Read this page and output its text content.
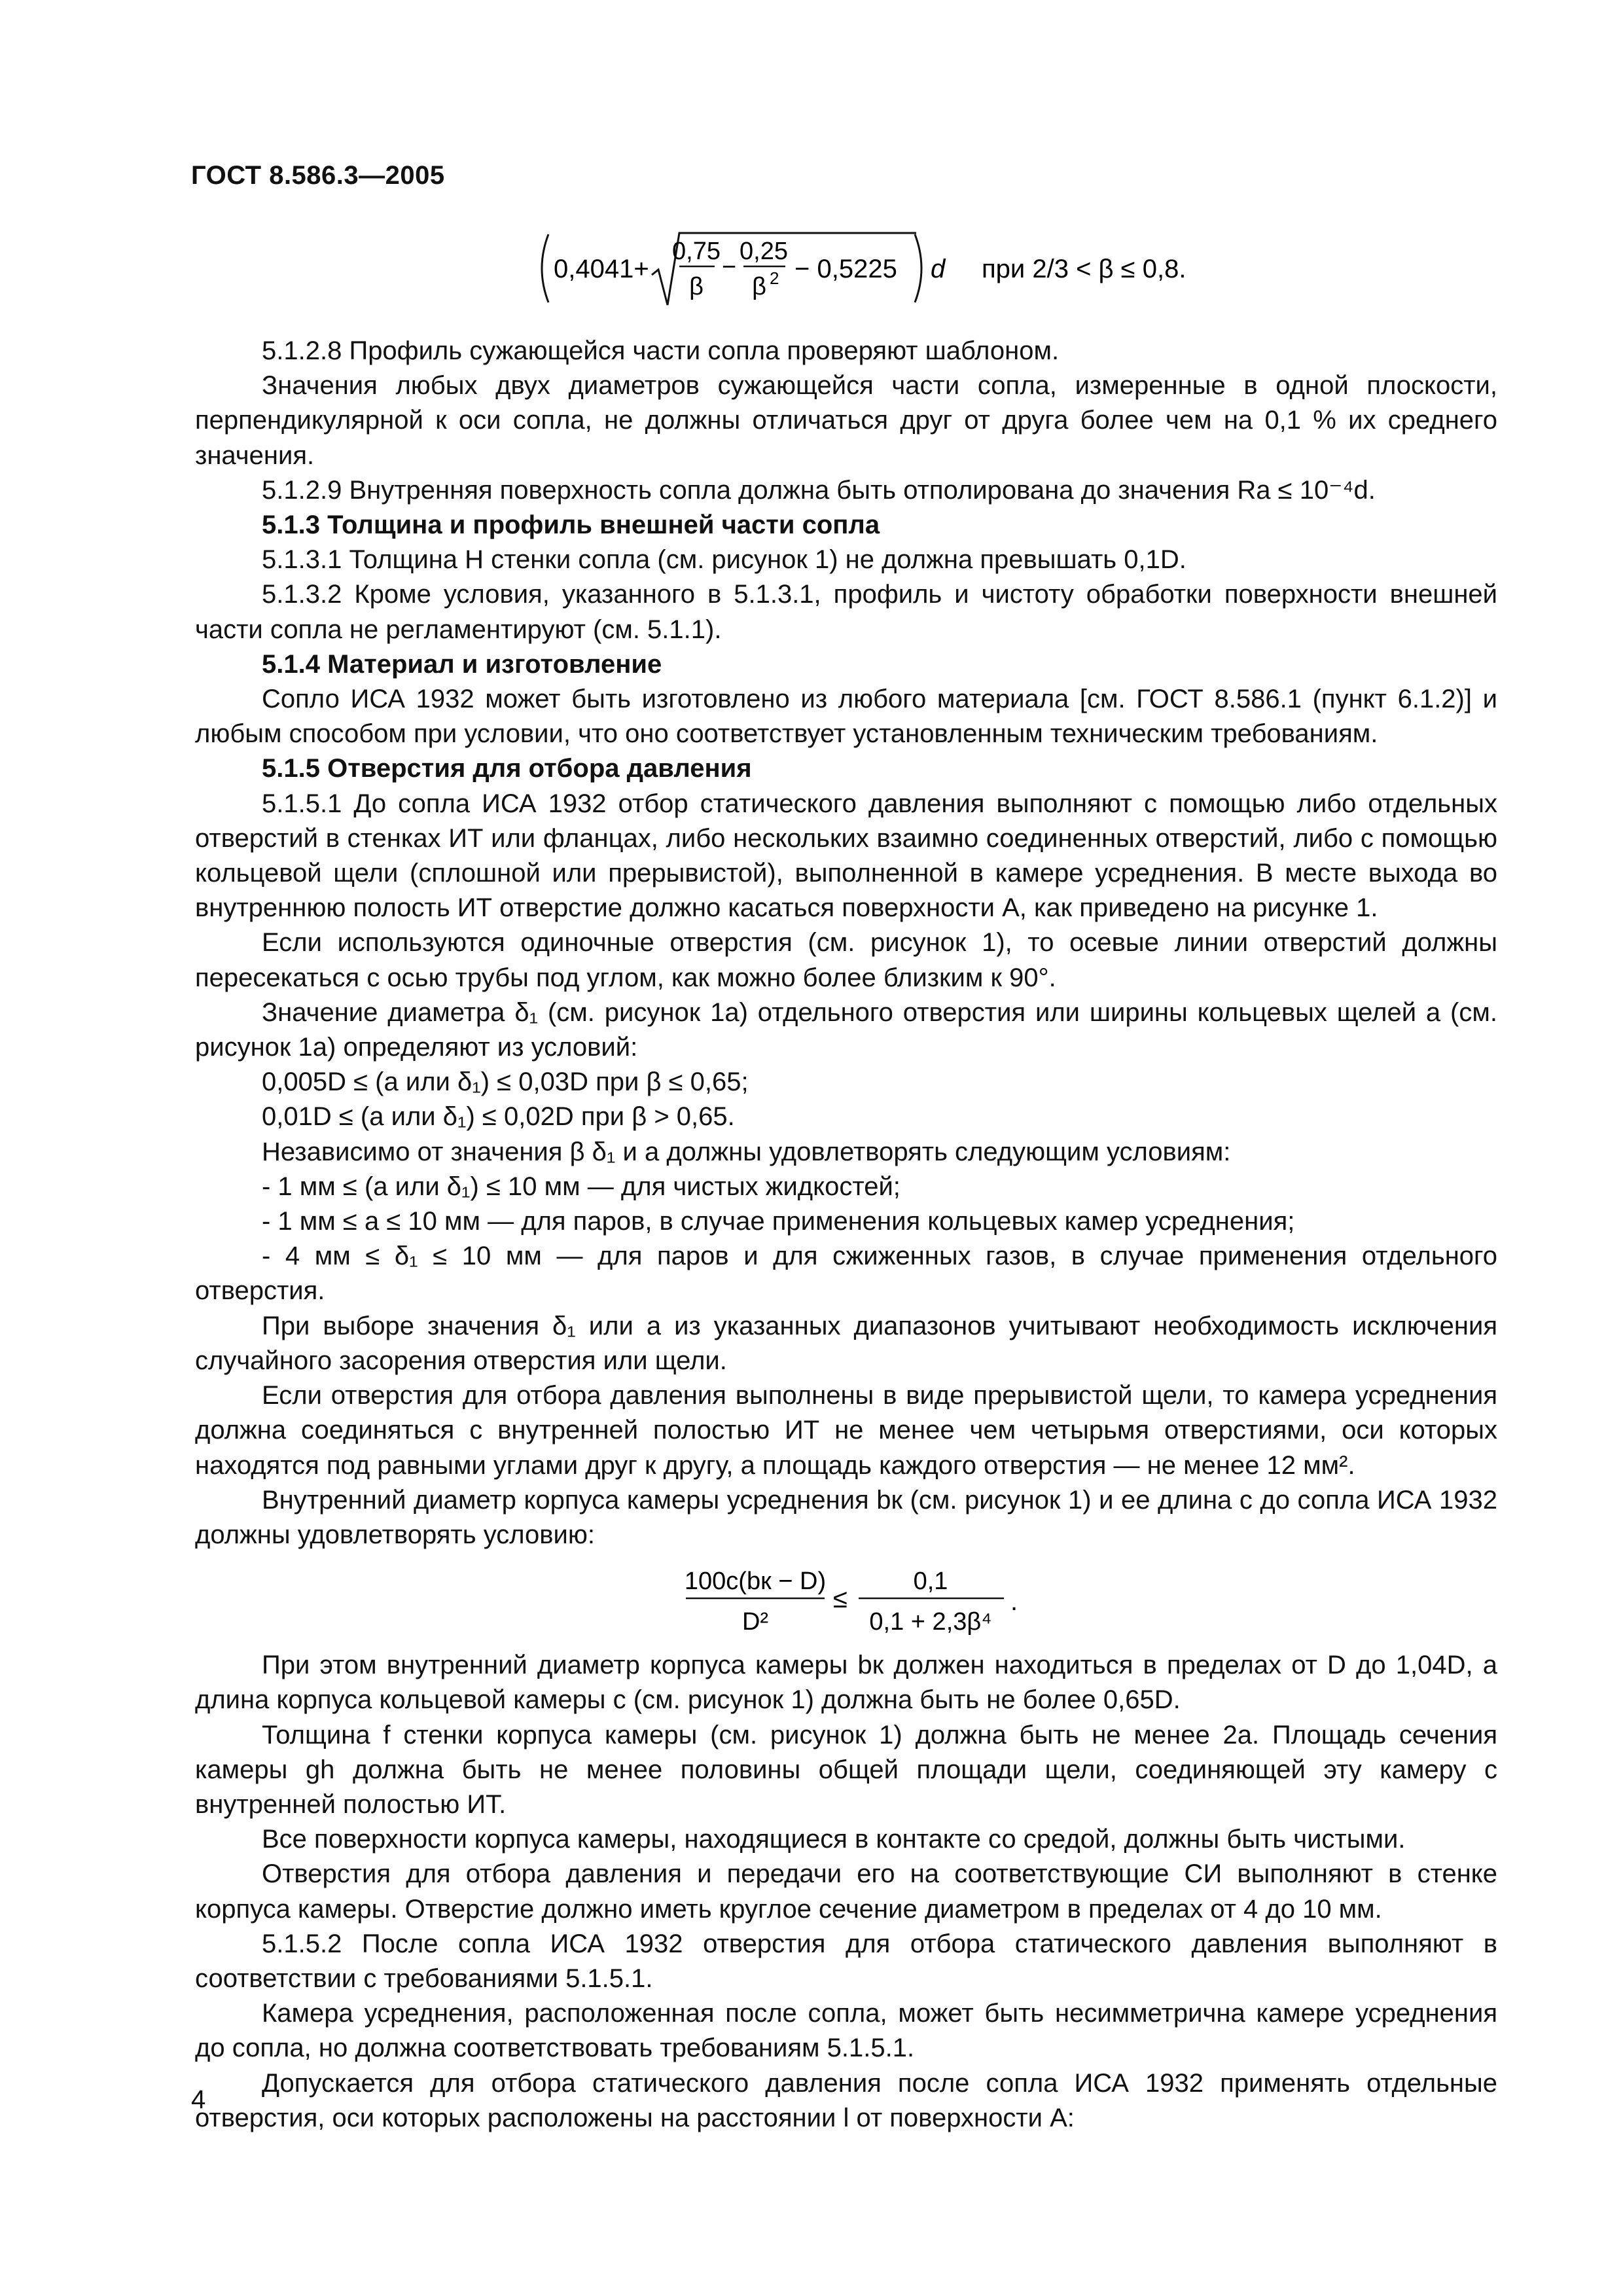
ГОСТ 8.586.3—2005
0,4041+
0,75
β
−
0,25
β 2 − 0,5225 d при 2/3 < β ≤ 0,8.

5.1.2.8 Профиль сужающейся части сопла проверяют шаблоном.

Значения любых двух диаметров сужающейся части сопла, измеренные в одной плоскости, перпендикулярной к оси сопла, не должны отличаться друг от друга более чем на 0,1 % их среднего значения.

5.1.2.9 Внутренняя поверхность сопла должна быть отполирована до значения Ra ≤ 10⁻⁴d.

5.1.3 Толщина и профиль внешней части сопла

5.1.3.1 Толщина H стенки сопла (см. рисунок 1) не должна превышать 0,1D.

5.1.3.2 Кроме условия, указанного в 5.1.3.1, профиль и чистоту обработки поверхности внешней части сопла не регламентируют (см. 5.1.1).

5.1.4 Материал и изготовление

Сопло ИСА 1932 может быть изготовлено из любого материала [см. ГОСТ 8.586.1 (пункт 6.1.2)] и любым способом при условии, что оно соответствует установленным техническим требованиям.

5.1.5 Отверстия для отбора давления

5.1.5.1 До сопла ИСА 1932 отбор статического давления выполняют с помощью либо отдельных отверстий в стенках ИТ или фланцах, либо нескольких взаимно соединенных отверстий, либо с помощью кольцевой щели (сплошной или прерывистой), выполненной в камере усреднения. В месте выхода во внутреннюю полость ИТ отверстие должно касаться поверхности A, как приведено на рисунке 1.

Если используются одиночные отверстия (см. рисунок 1), то осевые линии отверстий должны пересекаться с осью трубы под углом, как можно более близким к 90°.

Значение диаметра δ₁ (см. рисунок 1а) отдельного отверстия или ширины кольцевых щелей a (см. рисунок 1а) определяют из условий:

0,005D ≤ (a или δ₁) ≤ 0,03D при β ≤ 0,65;

0,01D ≤ (a или δ₁) ≤ 0,02D при β > 0,65.

Независимо от значения β δ₁ и a должны удовлетворять следующим условиям:

- 1 мм ≤ (a или δ₁) ≤ 10 мм — для чистых жидкостей;

- 1 мм ≤ a ≤ 10 мм — для паров, в случае применения кольцевых камер усреднения;

- 4 мм ≤ δ₁ ≤ 10 мм — для паров и для сжиженных газов, в случае применения отдельного отверстия.

При выборе значения δ₁ или a из указанных диапазонов учитывают необходимость исключения случайного засорения отверстия или щели.

Если отверстия для отбора давления выполнены в виде прерывистой щели, то камера усреднения должна соединяться с внутренней полостью ИТ не менее чем четырьмя отверстиями, оси которых находятся под равными углами друг к другу, а площадь каждого отверстия — не менее 12 мм².

Внутренний диаметр корпуса камеры усреднения bк (см. рисунок 1) и ее длина c до сопла ИСА 1932 должны удовлетворять условию:

100c(bк − D)
D²
≤
0,1
0,1 + 2,3β⁴
.

При этом внутренний диаметр корпуса камеры bк должен находиться в пределах от D до 1,04D, а длина корпуса кольцевой камеры c (см. рисунок 1) должна быть не более 0,65D.

Толщина f стенки корпуса камеры (см. рисунок 1) должна быть не менее 2a. Площадь сечения камеры gh должна быть не менее половины общей площади щели, соединяющей эту камеру с внутренней полостью ИТ.

Все поверхности корпуса камеры, находящиеся в контакте со средой, должны быть чистыми.

Отверстия для отбора давления и передачи его на соответствующие СИ выполняют в стенке корпуса камеры. Отверстие должно иметь круглое сечение диаметром в пределах от 4 до 10 мм.

5.1.5.2 После сопла ИСА 1932 отверстия для отбора статического давления выполняют в соответствии с требованиями 5.1.5.1.

Камера усреднения, расположенная после сопла, может быть несимметрична камере усреднения до сопла, но должна соответствовать требованиям 5.1.5.1.

Допускается для отбора статического давления после сопла ИСА 1932 применять отдельные отверстия, оси которых расположены на расстоянии l от поверхности A:

4
